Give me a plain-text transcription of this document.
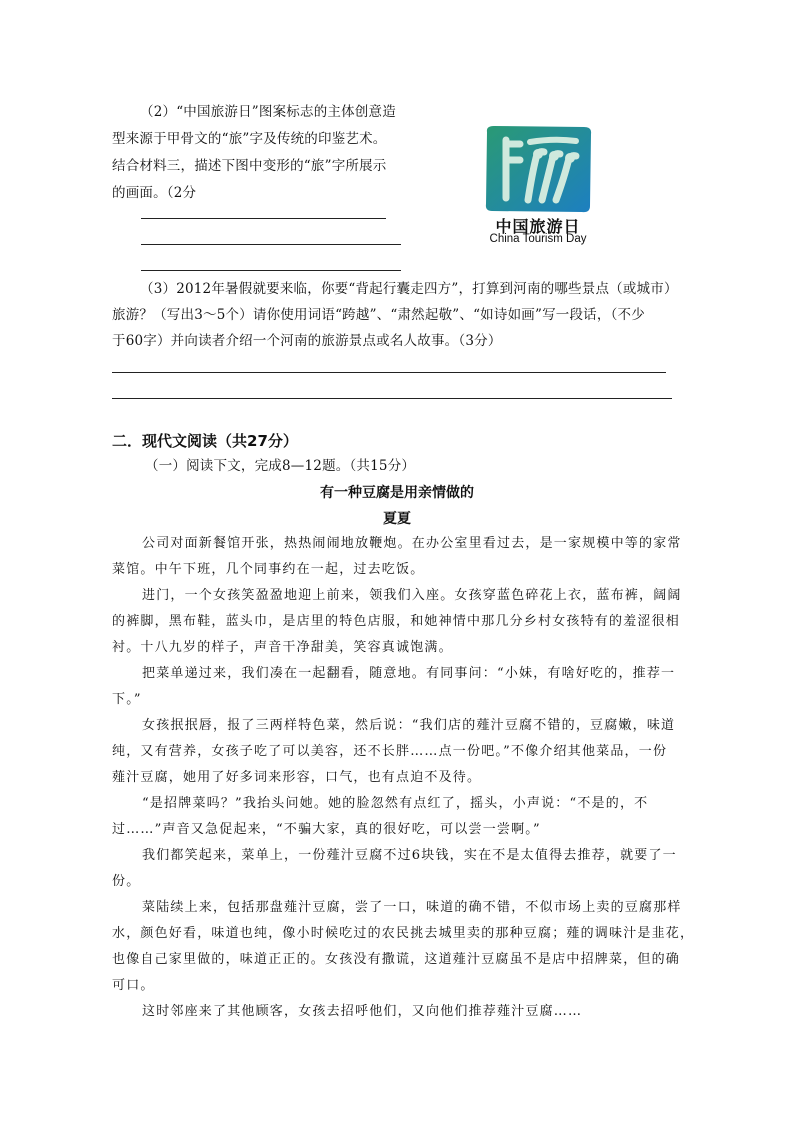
（2）“中国旅游日”图案标志的主体创意造

型来源于甲骨文的“旅”字及传统的印鉴艺术。

结合材料三，描述下图中变形的“旅”字所展示

的画面。（2分

中国旅游日
China Tourism Day

（3）2012年暑假就要来临，你要“背起行囊走四方”，打算到河南的哪些景点（或城市）

旅游？（写出3～5个）请你使用词语“跨越”、“肃然起敬”、“如诗如画”写一段话，（不少

于60字）并向读者介绍一个河南的旅游景点或名人故事。（3分）

二．现代文阅读（共27分）
（一）阅读下文，完成8—12题。（共15分）
有一种豆腐是用亲情做的
夏夏

公司对面新餐馆开张，热热闹闹地放鞭炮。在办公室里看过去，是一家规模中等的家常

菜馆。中午下班，几个同事约在一起，过去吃饭。

进门，一个女孩笑盈盈地迎上前来，领我们入座。女孩穿蓝色碎花上衣，蓝布裤，阔阔

的裤脚，黑布鞋，蓝头巾，是店里的特色店服，和她神情中那几分乡村女孩特有的羞涩很相

衬。十八九岁的样子，声音干净甜美，笑容真诚饱满。

把菜单递过来，我们凑在一起翻看，随意地。有同事问：“小妹，有啥好吃的，推荐一

下。”

女孩抿抿唇，报了三两样特色菜，然后说：“我们店的薤汁豆腐不错的，豆腐嫩，味道

纯，又有营养，女孩子吃了可以美容，还不长胖……点一份吧。”不像介绍其他菜品，一份

薤汁豆腐，她用了好多词来形容，口气，也有点迫不及待。

“是招牌菜吗？”我抬头问她。她的脸忽然有点红了，摇头，小声说：“不是的，不

过……”声音又急促起来，“不骗大家，真的很好吃，可以尝一尝啊。”

我们都笑起来，菜单上，一份薤汁豆腐不过6块钱，实在不是太值得去推荐，就要了一

份。

菜陆续上来，包括那盘薤汁豆腐，尝了一口，味道的确不错，不似市场上卖的豆腐那样

水，颜色好看，味道也纯，像小时候吃过的农民挑去城里卖的那种豆腐；薤的调味汁是韭花，

也像自己家里做的，味道正正的。女孩没有撒谎，这道薤汁豆腐虽不是店中招牌菜，但的确

可口。

这时邻座来了其他顾客，女孩去招呼他们，又向他们推荐薤汁豆腐……
